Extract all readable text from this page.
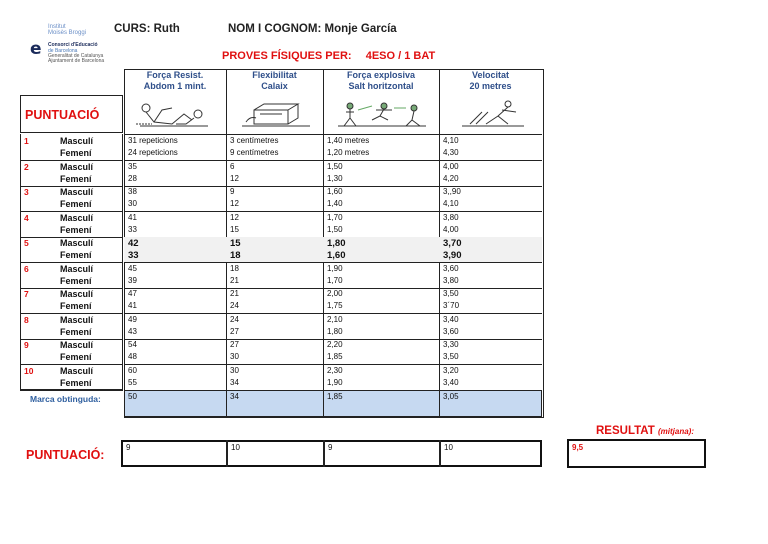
Institut
Moisès Broggi
e Consorci d'Educació
de Barcelona
Generalitat de Catalunya
Ajuntament de Barcelona
CURS: Ruth	NOM I COGNOM: Monje García
PROVES FÍSIQUES PER: 4ESO / 1 BAT
PUNTUACIÓ
Força Resist.
Abdom 1 mint.
Flexibilitat
Calaix
Força explosiva
Salt horitzontal
Velocitat
20 metres
1	Masculí	31 repeticions	3 centímetres	1,40 metres	4,10
Femení	24 repeticions	9 centímetres	1,20 metres	4,30
2	Masculí	35	6	1,50	4,00
Femení	28	12	1,30	4,20
3	Masculí	38	9	1,60	3,,90
Femení	30	12	1,40	4,10
4	Masculí	41	12	1,70	3,80
Femení	33	15	1,50	4,00
5	Masculí	42	15	1,80	3,70
Femení	33	18	1,60	3,90
6	Masculí	45	18	1,90	3,60
Femení	39	21	1,70	3,80
7	Masculí	47	21	2,00	3,50
Femení	41	24	1,75	3´70
8	Masculí	49	24	2,10	3,40
Femení	43	27	1,80	3,60
9	Masculí	54	27	2,20	3,30
Femení	48	30	1,85	3,50
10	Masculí	60	30	2,30	3,20
Femení	55	34	1,90	3,40
Marca obtinguda:	50	34	1,85	3,05
PUNTUACIÓ:
9	10	9	10
RESULTAT (mitjana):
9,5
